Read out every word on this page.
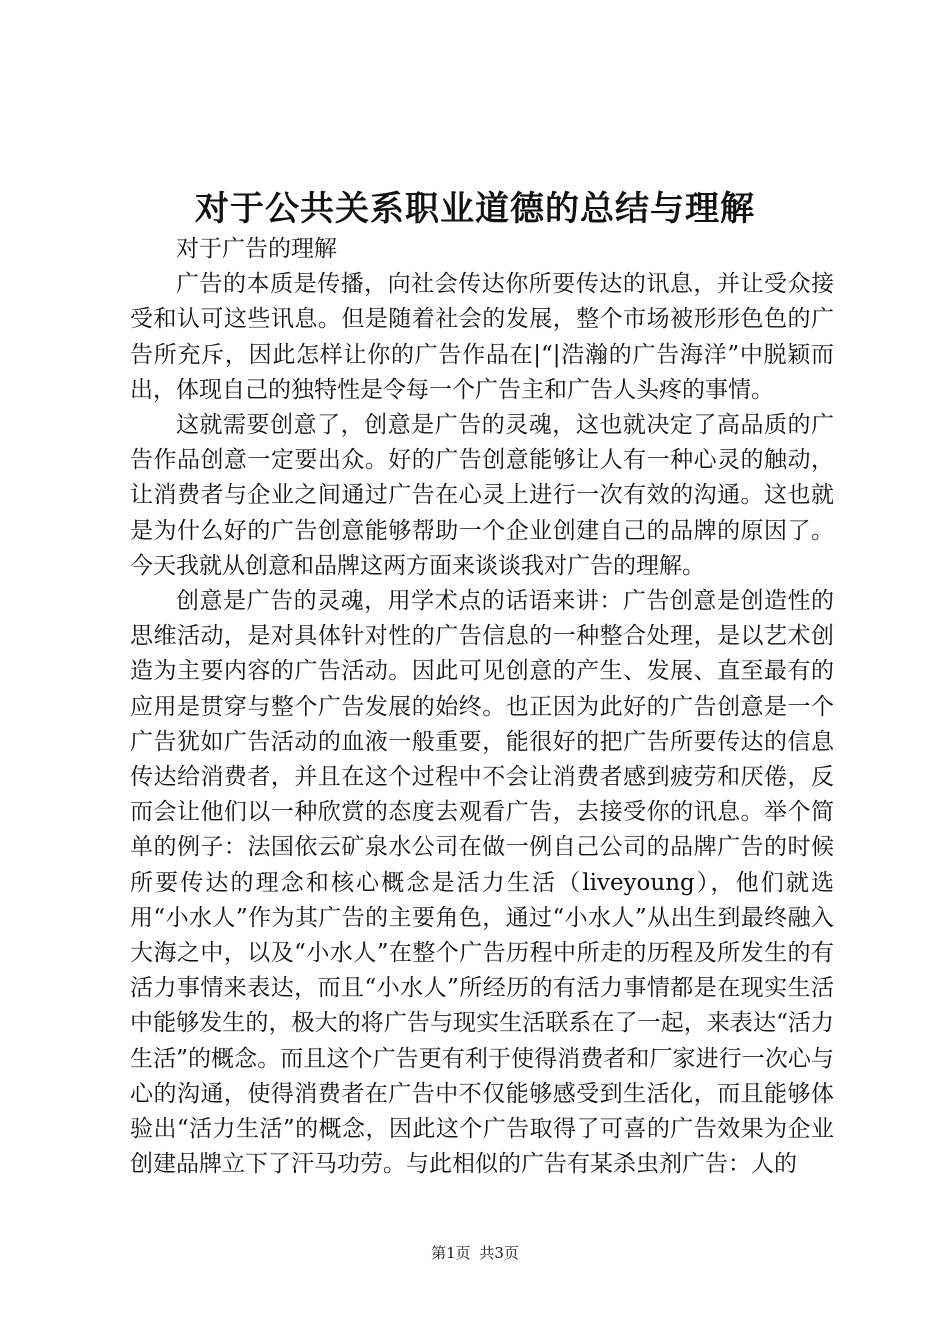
对于公共关系职业道德的总结与理解

对于广告的理解

广告的本质是传播，向社会传达你所要传达的讯息，并让受众接受和认可这些讯息。但是随着社会的发展，整个市场被形形色色的广告所充斥，因此怎样让你的广告作品在|“|浩瀚的广告海洋”中脱颖而出，体现自己的独特性是令每一个广告主和广告人头疼的事情。

这就需要创意了，创意是广告的灵魂，这也就决定了高品质的广告作品创意一定要出众。好的广告创意能够让人有一种心灵的触动，让消费者与企业之间通过广告在心灵上进行一次有效的沟通。这也就是为什么好的广告创意能够帮助一个企业创建自己的品牌的原因了。今天我就从创意和品牌这两方面来谈谈我对广告的理解。

创意是广告的灵魂，用学术点的话语来讲：广告创意是创造性的思维活动，是对具体针对性的广告信息的一种整合处理，是以艺术创造为主要内容的广告活动。因此可见创意的产生、发展、直至最有的应用是贯穿与整个广告发展的始终。也正因为此好的广告创意是一个广告犹如广告活动的血液一般重要，能很好的把广告所要传达的信息传达给消费者，并且在这个过程中不会让消费者感到疲劳和厌倦，反而会让他们以一种欣赏的态度去观看广告，去接受你的讯息。举个简单的例子：法国依云矿泉水公司在做一例自己公司的品牌广告的时候所要传达的理念和核心概念是活力生活（liveyoung），他们就选用“小水人”作为其广告的主要角色，通过“小水人”从出生到最终融入大海之中，以及“小水人”在整个广告历程中所走的历程及所发生的有活力事情来表达，而且“小水人”所经历的有活力事情都是在现实生活中能够发生的，极大的将广告与现实生活联系在了一起，来表达“活力生活”的概念。而且这个广告更有利于使得消费者和厂家进行一次心与心的沟通，使得消费者在广告中不仅能够感受到生活化，而且能够体验出“活力生活”的概念，因此这个广告取得了可喜的广告效果为企业创建品牌立下了汗马功劳。与此相似的广告有某杀虫剂广告：人的

第1页 共3页
